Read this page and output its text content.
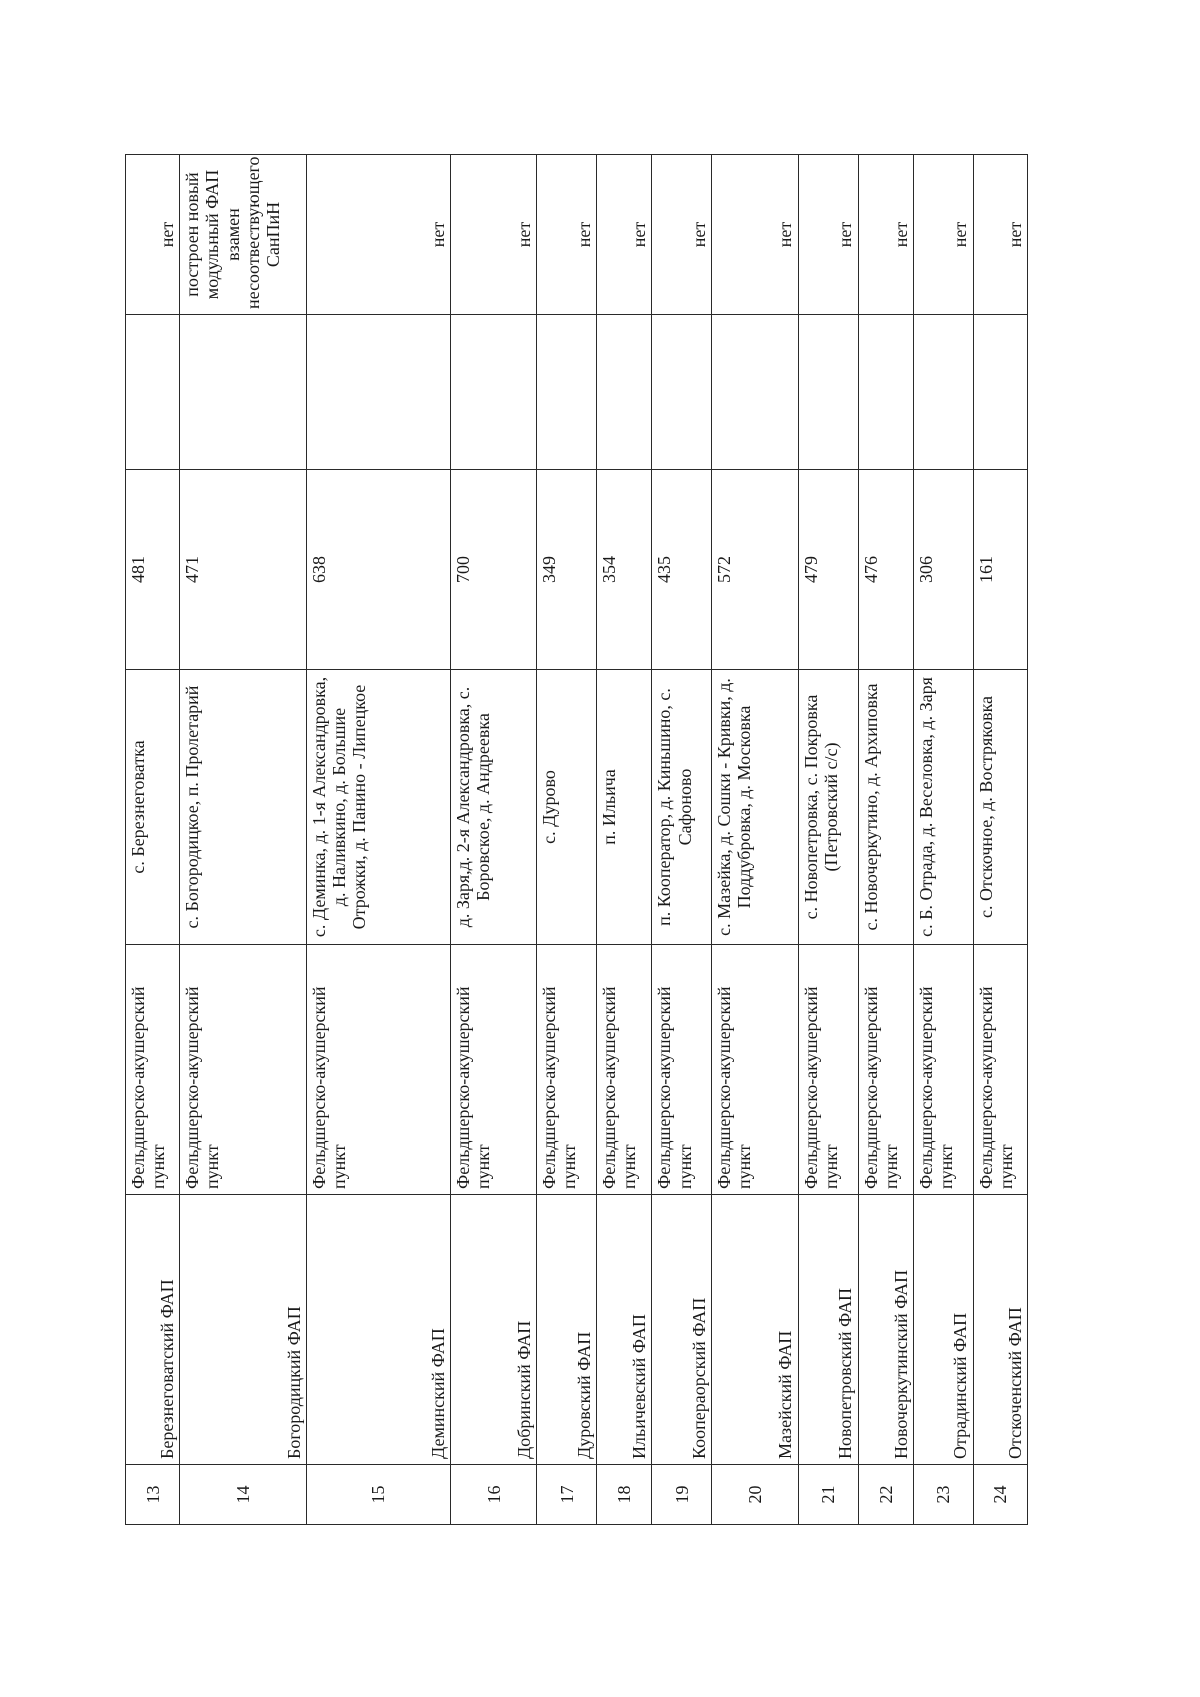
13	Березнеговатский ФАП	Фельдшерско-акушерский пункт	с. Березнеговатка	481		нет
14	Богородицкий ФАП	Фельдшерско-акушерский пункт	с. Богородицкое, п. Пролетарий	471		построен новый модульный ФАП взамен несоотвествующего СанПиН
15	Деминский ФАП	Фельдшерско-акушерский пункт	с. Деминка, д. 1-я Александровка, д. Наливкино, д. Большие Отрожки, д. Панино - Липецкое	638		нет
16	Добринский ФАП	Фельдшерско-акушерский пункт	д. Заря,д. 2-я Александровка, с. Боровское, д. Андреевка	700		нет
17	Дуровский ФАП	Фельдшерско-акушерский пункт	с. Дурово	349		нет
18	Ильичевский ФАП	Фельдшерско-акушерский пункт	п. Ильича	354		нет
19	Коопераорский ФАП	Фельдшерско-акушерский пункт	п. Кооператор, д. Киньшино, с. Сафоново	435		нет
20	Мазейский ФАП	Фельдшерско-акушерский пункт	с. Мазейка, д. Сошки - Кривки, д. Поддубровка, д. Московка	572		нет
21	Новопетровский ФАП	Фельдшерско-акушерский пункт	с. Новопетровка, с. Покровка (Петровский с/с)	479		нет
22	Новочеркутинский ФАП	Фельдшерско-акушерский пункт	с. Новочеркутино, д. Архиповка	476		нет
23	Отрадинский ФАП	Фельдшерско-акушерский пункт	с. Б. Отрада, д. Веселовка, д. Заря	306		нет
24	Отскоченский ФАП	Фельдшерско-акушерский пункт	с. Отскочное, д. Востряковка	161		нет
